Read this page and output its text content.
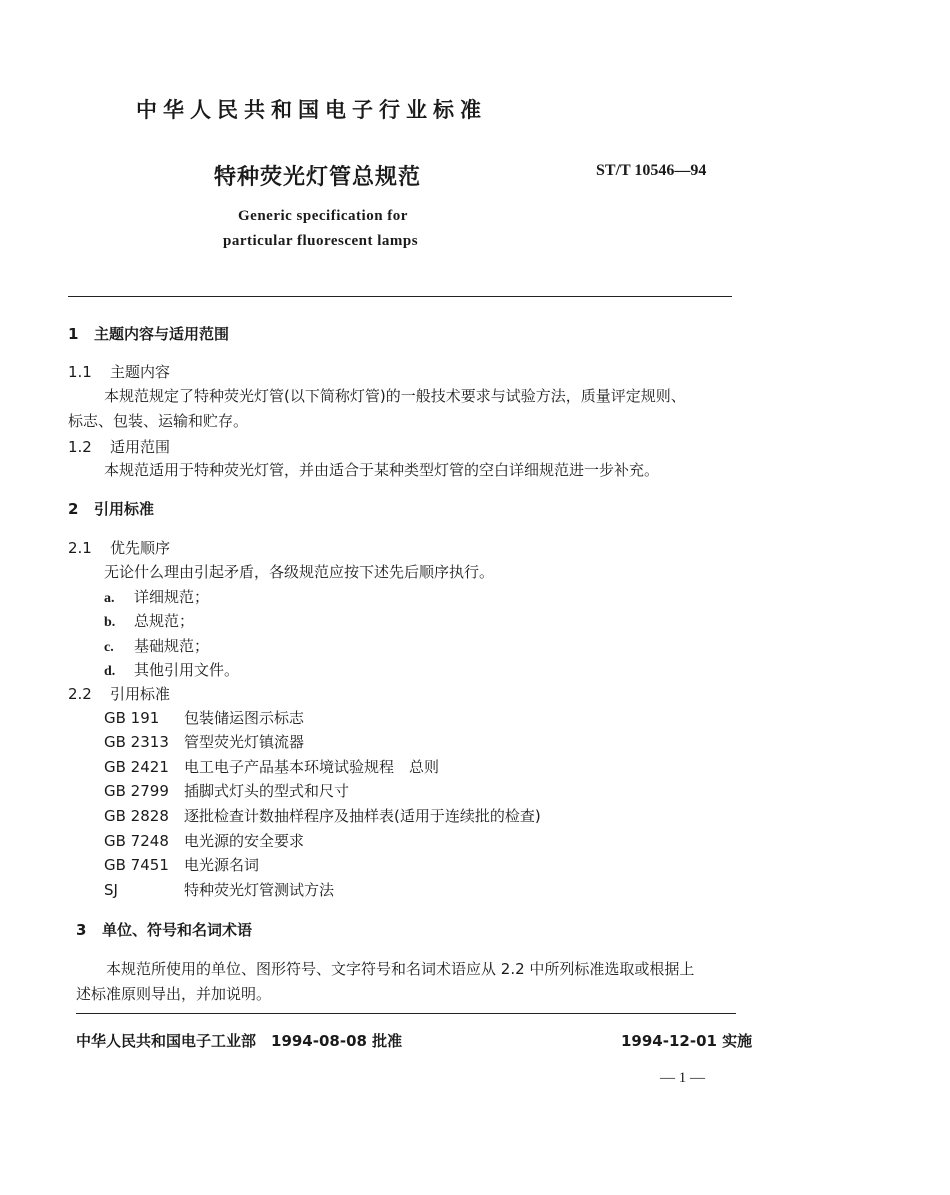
中华人民共和国电子行业标准
特种荧光灯管总规范	ST/T 10546—94
Generic specification for
particular fluorescent lamps
1 主题内容与适用范围
1.1 主题内容
本规范规定了特种荧光灯管(以下简称灯管)的一般技术要求与试验方法，质量评定规则、
标志、包装、运输和贮存。
1.2 适用范围
本规范适用于特种荧光灯管，并由适合于某种类型灯管的空白详细规范进一步补充。
2 引用标准
2.1 优先顺序
无论什么理由引起矛盾，各级规范应按下述先后顺序执行。
a. 详细规范；
b. 总规范；
c. 基础规范；
d. 其他引用文件。
2.2 引用标准
GB 191 包装储运图示标志
GB 2313 管型荧光灯镇流器
GB 2421 电工电子产品基本环境试验规程　总则
GB 2799 插脚式灯头的型式和尺寸
GB 2828 逐批检查计数抽样程序及抽样表(适用于连续批的检查)
GB 7248 电光源的安全要求
GB 7451 电光源名词
SJ	特种荧光灯管测试方法
3 单位、符号和名词术语
本规范所使用的单位、图形符号、文字符号和名词术语应从 2.2 中所列标准选取或根据上
述标准原则导出，并加说明。
中华人民共和国电子工业部　1994-08-08 批准	1994-12-01 实施
— 1 —
